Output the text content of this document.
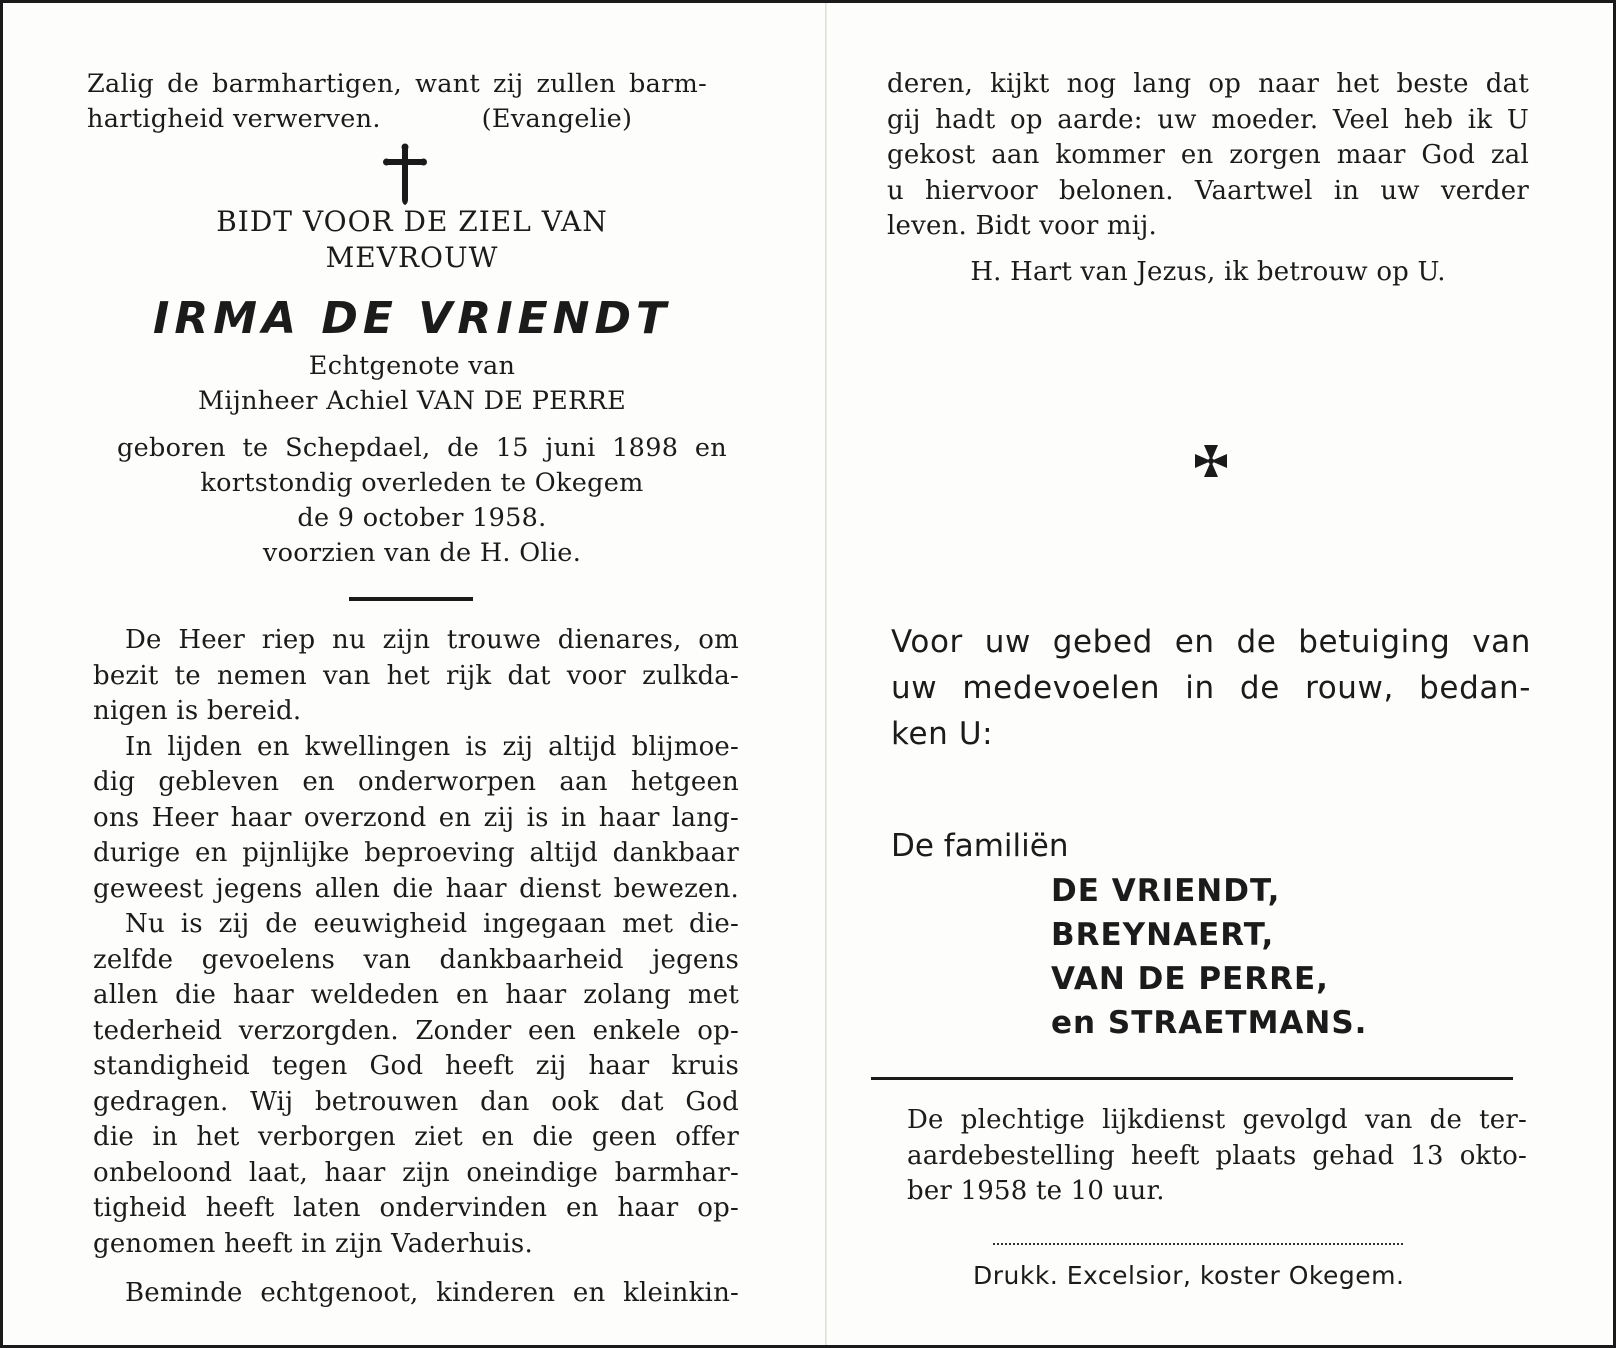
Zalig de barmhartigen, want zij zullen barm-
hartigheid verwerven.            (Evangelie)
BIDT VOOR DE ZIEL VAN
MEVROUW
IRMA DE VRIENDT
Echtgenote van
Mijnheer Achiel VAN DE PERRE
geboren te Schepdael, de 15 juni 1898 en
kortstondig overleden te Okegem
de 9 october 1958.
voorzien van de H. Olie.
De Heer riep nu zijn trouwe dienares, om
bezit te nemen van het rijk dat voor zulkda-
nigen is bereid.
In lijden en kwellingen is zij altijd blijmoe-
dig gebleven en onderworpen aan hetgeen
ons Heer haar overzond en zij is in haar lang-
durige en pijnlijke beproeving altijd dankbaar
geweest jegens allen die haar dienst bewezen.
Nu is zij de eeuwigheid ingegaan met die-
zelfde gevoelens van dankbaarheid jegens
allen die haar weldeden en haar zolang met
tederheid verzorgden. Zonder een enkele op-
standigheid tegen God heeft zij haar kruis
gedragen. Wij betrouwen dan ook dat God
die in het verborgen ziet en die geen offer
onbeloond laat, haar zijn oneindige barmhar-
tigheid heeft laten ondervinden en haar op-
genomen heeft in zijn Vaderhuis.
Beminde echtgenoot, kinderen en kleinkin-
deren, kijkt nog lang op naar het beste dat
gij hadt op aarde: uw moeder. Veel heb ik U
gekost aan kommer en zorgen maar God zal
u hiervoor belonen. Vaartwel in uw verder
leven. Bidt voor mij.
H. Hart van Jezus, ik betrouw op U.
Voor uw gebed en de betuiging van
uw medevoelen in de rouw, bedan-
ken U:
De familiën
DE VRIENDT,
BREYNAERT,
VAN DE PERRE,
en STRAETMANS.
De plechtige lijkdienst gevolgd van de ter-
aardebestelling heeft plaats gehad 13 okto-
ber 1958 te 10 uur.
Drukk. Excelsior, koster Okegem.
